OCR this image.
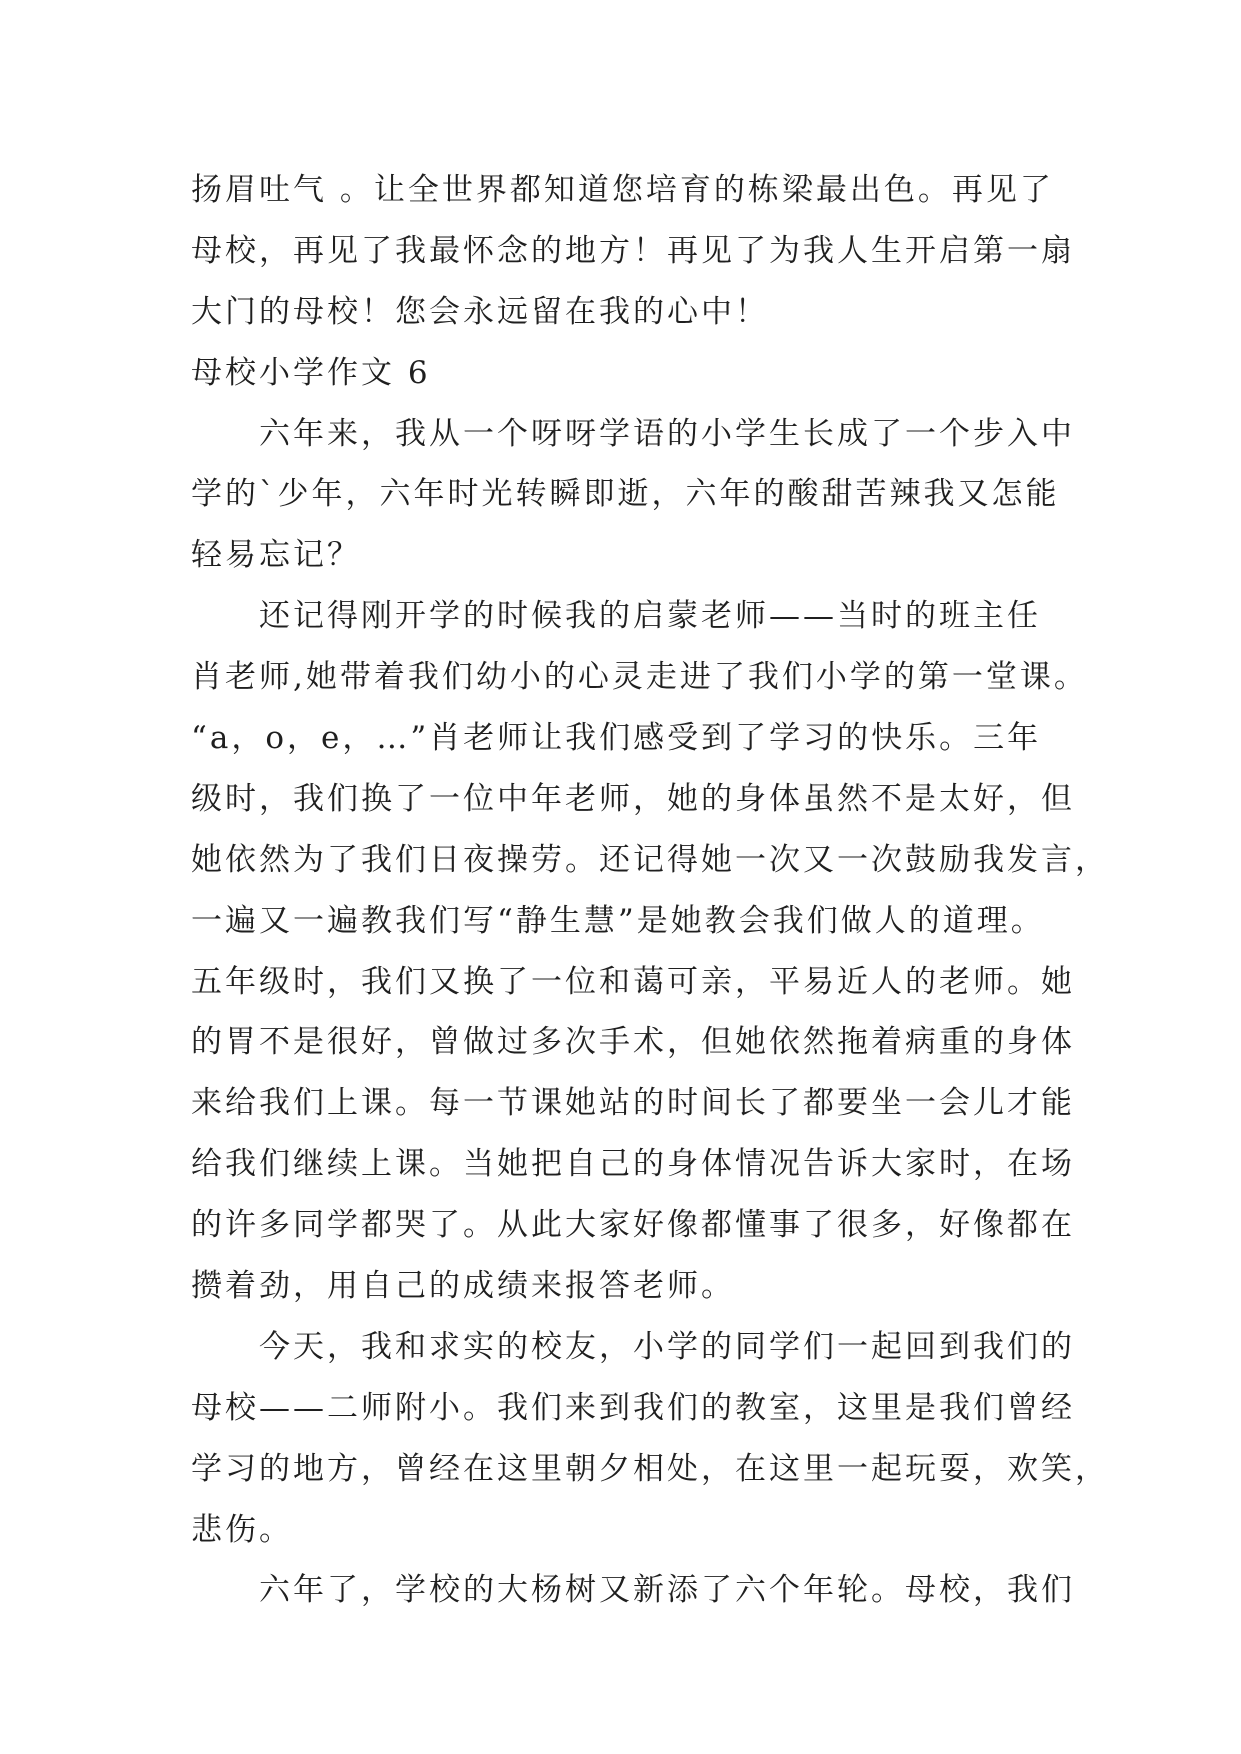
扬眉吐气 。让全世界都知道您培育的栋梁最出色。再见了
母校，再见了我最怀念的地方！再见了为我人生开启第一扇
大门的母校！您会永远留在我的心中！
母校小学作文 6
六年来，我从一个呀呀学语的小学生长成了一个步入中
学的`少年，六年时光转瞬即逝，六年的酸甜苦辣我又怎能
轻易忘记？
还记得刚开学的时候我的启蒙老师——当时的班主任
肖老师,她带着我们幼小的心灵走进了我们小学的第一堂课。
“a，o，e，…”肖老师让我们感受到了学习的快乐。三年
级时，我们换了一位中年老师，她的身体虽然不是太好，但
她依然为了我们日夜操劳。还记得她一次又一次鼓励我发言，
一遍又一遍教我们写“静生慧”是她教会我们做人的道理。
五年级时，我们又换了一位和蔼可亲，平易近人的老师。她
的胃不是很好，曾做过多次手术，但她依然拖着病重的身体
来给我们上课。每一节课她站的时间长了都要坐一会儿才能
给我们继续上课。当她把自己的身体情况告诉大家时，在场
的许多同学都哭了。从此大家好像都懂事了很多，好像都在
攒着劲，用自己的成绩来报答老师。
今天，我和求实的校友，小学的同学们一起回到我们的
母校——二师附小。我们来到我们的教室，这里是我们曾经
学习的地方，曾经在这里朝夕相处，在这里一起玩耍，欢笑，
悲伤。
六年了，学校的大杨树又新添了六个年轮。母校，我们
